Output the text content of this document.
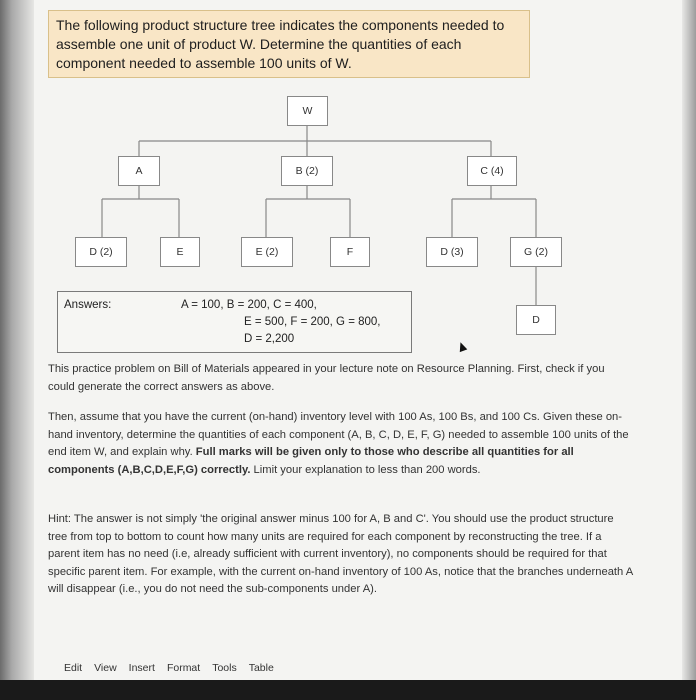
The following product structure tree indicates the components needed to assemble one unit of product W. Determine the quantities of each component needed to assemble 100 units of W.
W
A	B (2)	C (4)
D (2)	E	E (2)	F	D (3)	G (2)
D
Answers:	A = 100, B = 200, C = 400,
E = 500, F = 200, G = 800,
D = 2,200
This practice problem on Bill of Materials appeared in your lecture note on Resource Planning. First, check if you could generate the correct answers as above.
Then, assume that you have the current (on-hand) inventory level with 100 As, 100 Bs, and 100 Cs. Given these on-hand inventory, determine the quantities of each component (A, B, C, D, E, F, G) needed to assemble 100 units of the end item W, and explain why. Full marks will be given only to those who describe all quantities for all components (A,B,C,D,E,F,G) correctly. Limit your explanation to less than 200 words.
Hint: The answer is not simply 'the original answer minus 100 for A, B and C'. You should use the product structure tree from top to bottom to count how many units are required for each component by reconstructing the tree. If a parent item has no need (i.e, already sufficient with current inventory), no components should be required for that specific parent item. For example, with the current on-hand inventory of 100 As, notice that the branches underneath A will disappear (i.e., you do not need the sub-components under A).
Edit View Insert Format Tools Table
